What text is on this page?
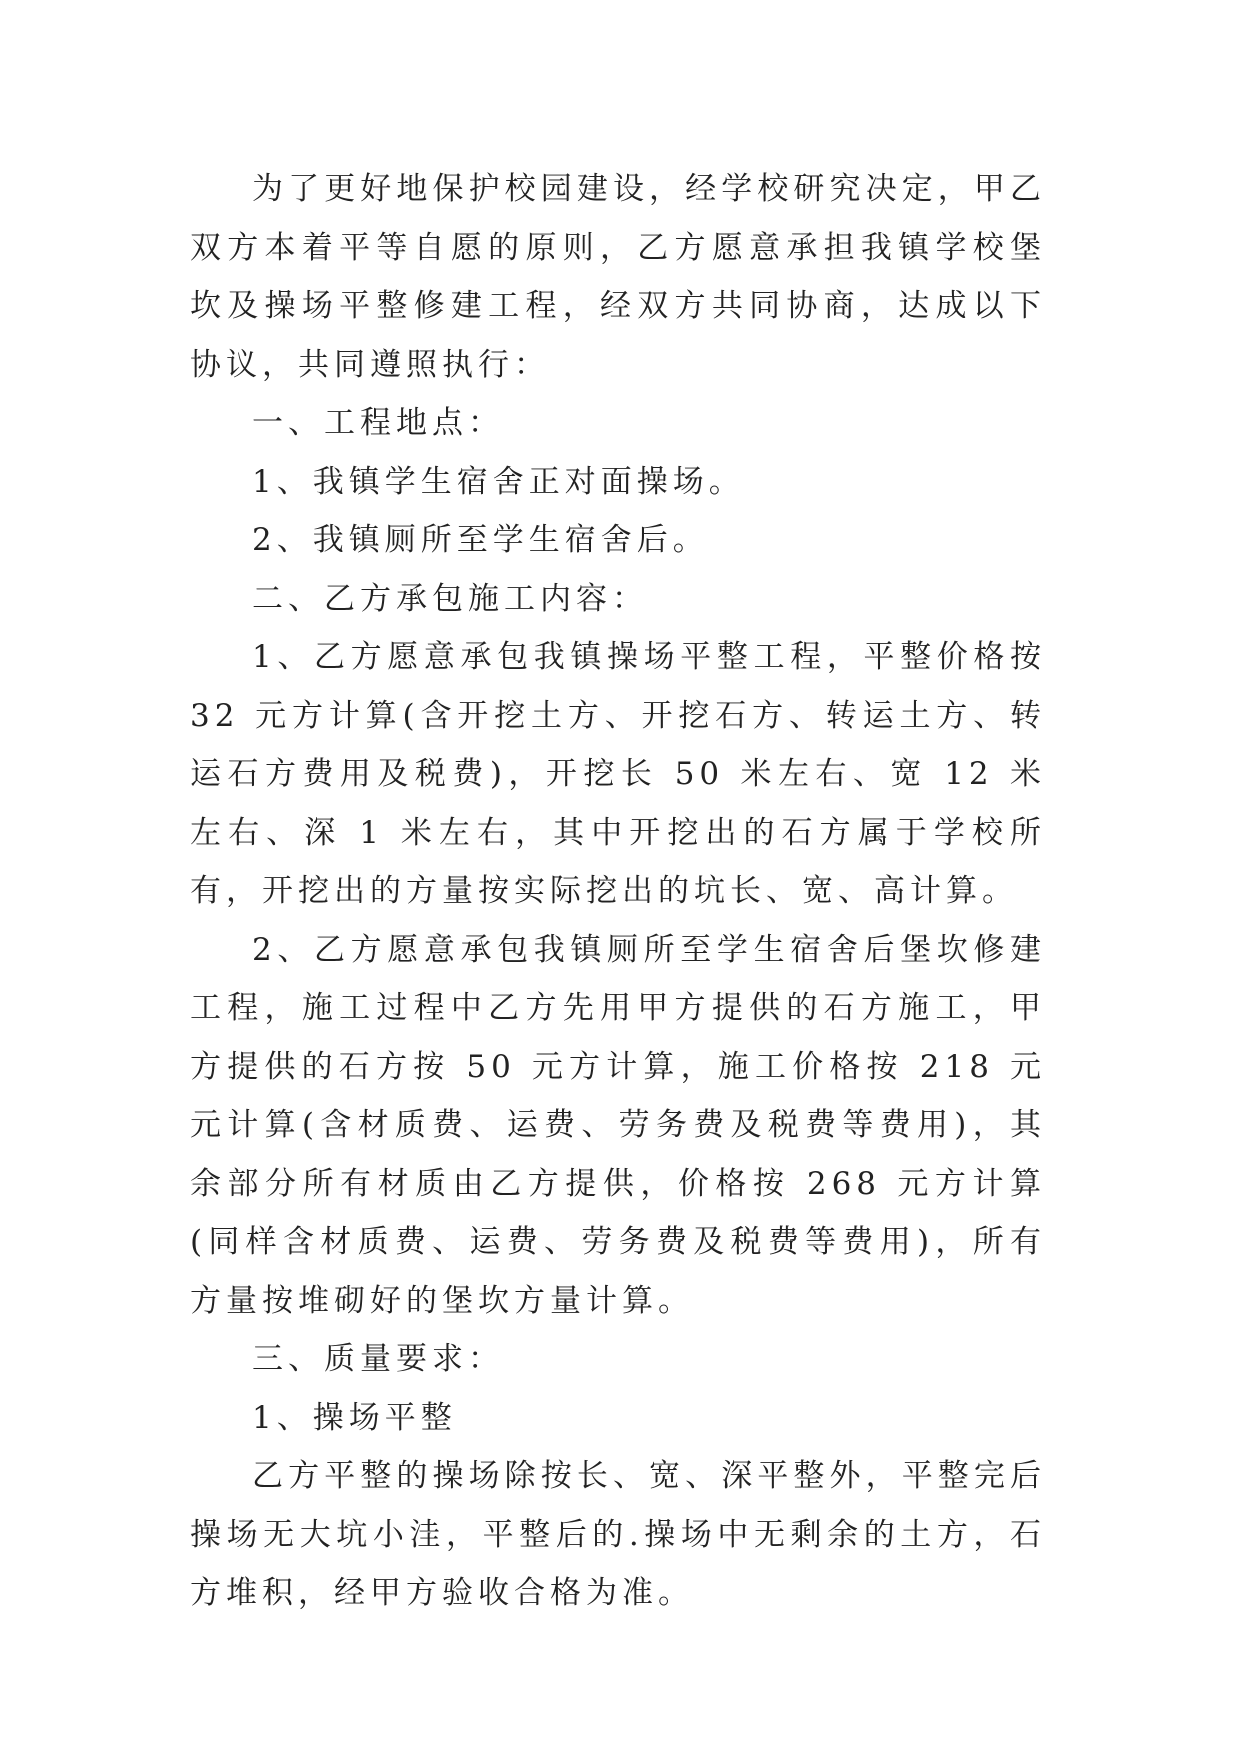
为了更好地保护校园建设，经学校研究决定，甲乙双方本着平等自愿的原则，乙方愿意承担我镇学校堡坎及操场平整修建工程，经双方共同协商，达成以下协议，共同遵照执行：

一、工程地点：

1、我镇学生宿舍正对面操场。

2、我镇厕所至学生宿舍后。

二、乙方承包施工内容：

1、乙方愿意承包我镇操场平整工程，平整价格按 32 元方计算(含开挖土方、开挖石方、转运土方、转运石方费用及税费)，开挖长 50 米左右、宽 12 米左右、深 1 米左右，其中开挖出的石方属于学校所有，开挖出的方量按实际挖出的坑长、宽、高计算。

2、乙方愿意承包我镇厕所至学生宿舍后堡坎修建工程，施工过程中乙方先用甲方提供的石方施工，甲方提供的石方按 50 元方计算，施工价格按 218 元元计算(含材质费、运费、劳务费及税费等费用)，其余部分所有材质由乙方提供，价格按 268 元方计算(同样含材质费、运费、劳务费及税费等费用)，所有方量按堆砌好的堡坎方量计算。

三、质量要求：

1、操场平整

乙方平整的操场除按长、宽、深平整外，平整完后操场无大坑小洼，平整后的.操场中无剩余的土方，石方堆积，经甲方验收合格为准。
